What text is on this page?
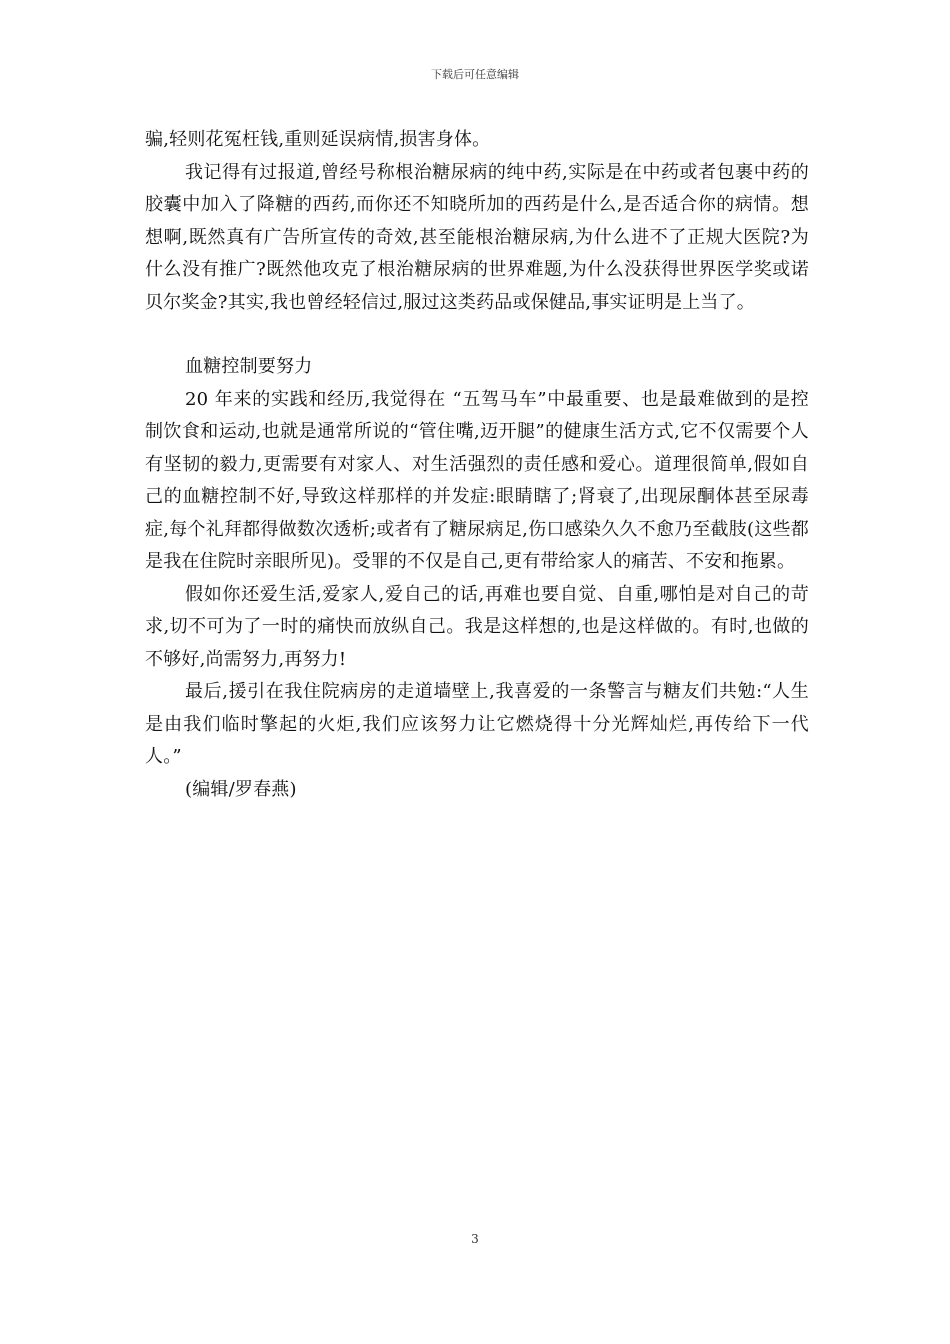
下载后可任意编辑

骗,轻则花冤枉钱,重则延误病情,损害身体。

我记得有过报道,曾经号称根治糖尿病的纯中药,实际是在中药或者包裹中药的胶囊中加入了降糖的西药,而你还不知晓所加的西药是什么,是否适合你的病情。想想啊,既然真有广告所宣传的奇效,甚至能根治糖尿病,为什么进不了正规大医院?为什么没有推广?既然他攻克了根治糖尿病的世界难题,为什么没获得世界医学奖或诺贝尔奖金?其实,我也曾经轻信过,服过这类药品或保健品,事实证明是上当了。

血糖控制要努力

20 年来的实践和经历,我觉得在 “五驾马车”中最重要、也是最难做到的是控制饮食和运动,也就是通常所说的“管住嘴,迈开腿”的健康生活方式,它不仅需要个人有坚韧的毅力,更需要有对家人、对生活强烈的责任感和爱心。道理很简单,假如自己的血糖控制不好,导致这样那样的并发症:眼睛瞎了;肾衰了,出现尿酮体甚至尿毒症,每个礼拜都得做数次透析;或者有了糖尿病足,伤口感染久久不愈乃至截肢(这些都是我在住院时亲眼所见)。受罪的不仅是自己,更有带给家人的痛苦、不安和拖累。

假如你还爱生活,爱家人,爱自己的话,再难也要自觉、自重,哪怕是对自己的苛求,切不可为了一时的痛快而放纵自己。我是这样想的,也是这样做的。有时,也做的不够好,尚需努力,再努力!

最后,援引在我住院病房的走道墙壁上,我喜爱的一条警言与糖友们共勉:“人生是由我们临时擎起的火炬,我们应该努力让它燃烧得十分光辉灿烂,再传给下一代人。”

(编辑/罗春燕)

3
